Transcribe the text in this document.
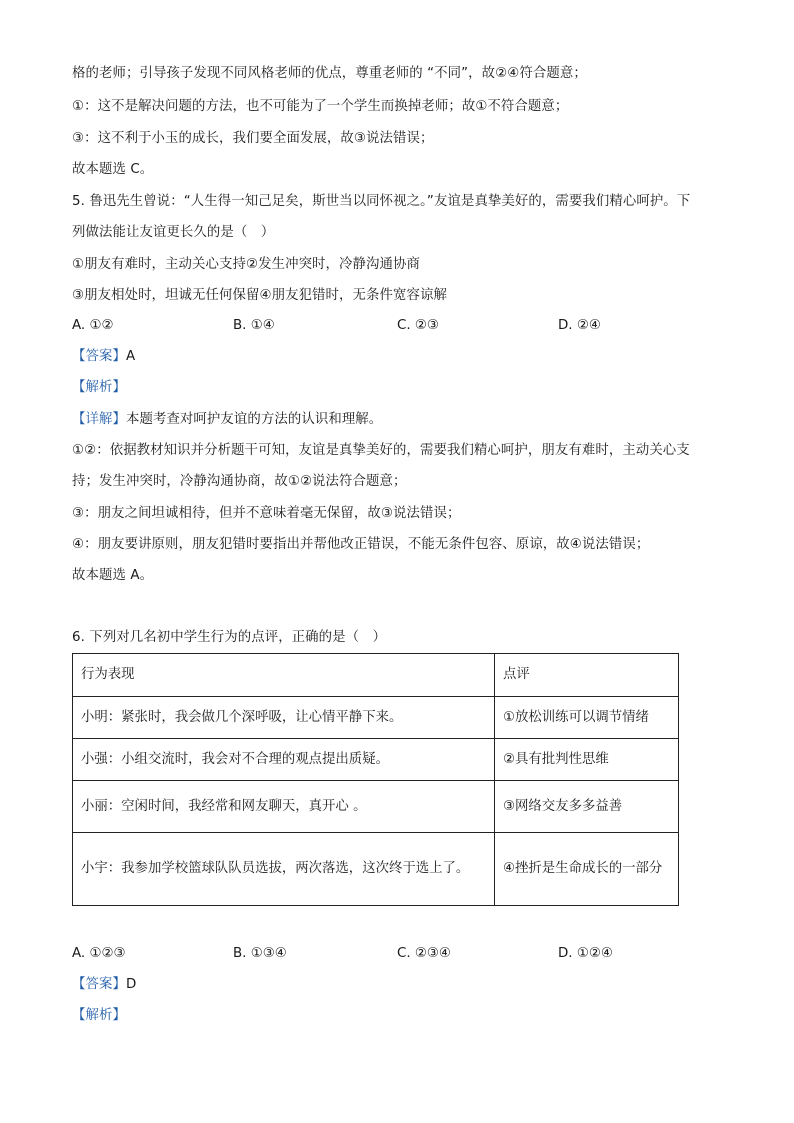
格的老师；引导孩子发现不同风格老师的优点，尊重老师的 “不同”，故②④符合题意；
①：这不是解决问题的方法，也不可能为了一个学生而换掉老师；故①不符合题意；
③：这不利于小玉的成长，我们要全面发展，故③说法错误；
故本题选 C。
5. 鲁迅先生曾说：“人生得一知己足矣，斯世当以同怀视之。”友谊是真挚美好的，需要我们精心呵护。下
列做法能让友谊更长久的是（　）
①朋友有难时，主动关心支持②发生冲突时，冷静沟通协商
③朋友相处时，坦诚无任何保留④朋友犯错时，无条件宽容谅解
A. ①②	B. ①④	C. ②③	D. ②④
【答案】A
【解析】
【详解】本题考查对呵护友谊的方法的认识和理解。
①②：依据教材知识并分析题干可知，友谊是真挚美好的，需要我们精心呵护，朋友有难时，主动关心支
持；发生冲突时，冷静沟通协商，故①②说法符合题意；
③：朋友之间坦诚相待，但并不意味着毫无保留，故③说法错误；
④：朋友要讲原则，朋友犯错时要指出并帮他改正错误，不能无条件包容、原谅，故④说法错误；
故本题选 A。
6. 下列对几名初中学生行为的点评，正确的是（　）
行为表现	点评
小明：紧张时，我会做几个深呼吸，让心情平静下来。	①放松训练可以调节情绪
小强：小组交流时，我会对不合理的观点提出质疑。	②具有批判性思维
小丽：空闲时间，我经常和网友聊天，真开心 。	③网络交友多多益善
小宇：我参加学校篮球队队员选拔，两次落选，这次终于选上了。	④挫折是生命成长的一部分
A. ①②③	B. ①③④	C. ②③④	D. ①②④
【答案】D
【解析】
